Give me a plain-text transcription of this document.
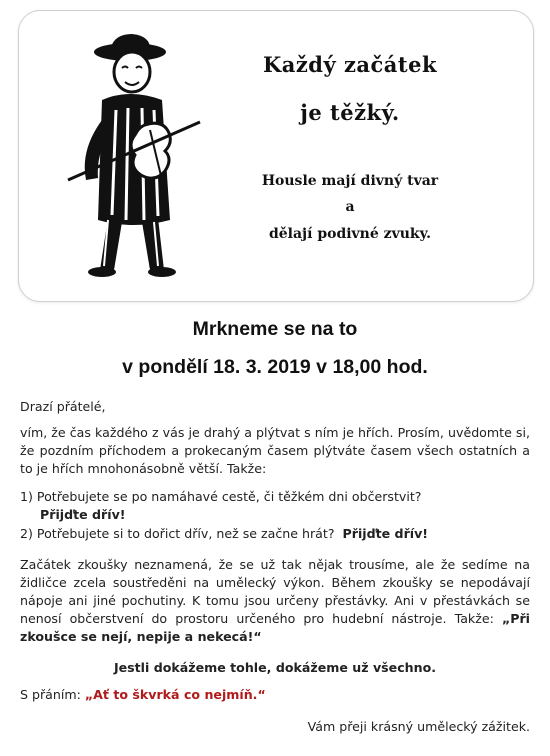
Každý začátek
je těžký.
Housle mají divný tvar
a
dělají podivné zvuky.
Mrkneme se na to
v pondělí 18. 3. 2019 v 18,00 hod.
Drazí přátelé,
vím, že čas každého z vás je drahý a plýtvat s ním je hřích. Prosím, uvědomte si, že pozdním příchodem a prokecaným časem plýtváte časem všech ostatních a to je hřích mnohonásobně větší. Takže:
1) Potřebujete se po namáhavé cestě, či těžkém dni občerstvit?
Přijďte dřív!
2) Potřebujete si to dořict dřív, než se začne hrát? Přijďte dřív!
Začátek zkoušky neznamená, že se už tak nějak trousíme, ale že sedíme na židličce zcela soustředěni na umělecký výkon. Během zkoušky se nepodávají nápoje ani jiné pochutiny. K tomu jsou určeny přestávky. Ani v přestávkách se nenosí občerstvení do prostoru určeného pro hudební nástroje. Takže: „Při zkoušce se nejí, nepije a nekecá!“
Jestli dokážeme tohle, dokážeme už všechno.
S přáním: „Ať to škvrká co nejmíň.“
Vám přeji krásný umělecký zážitek.
